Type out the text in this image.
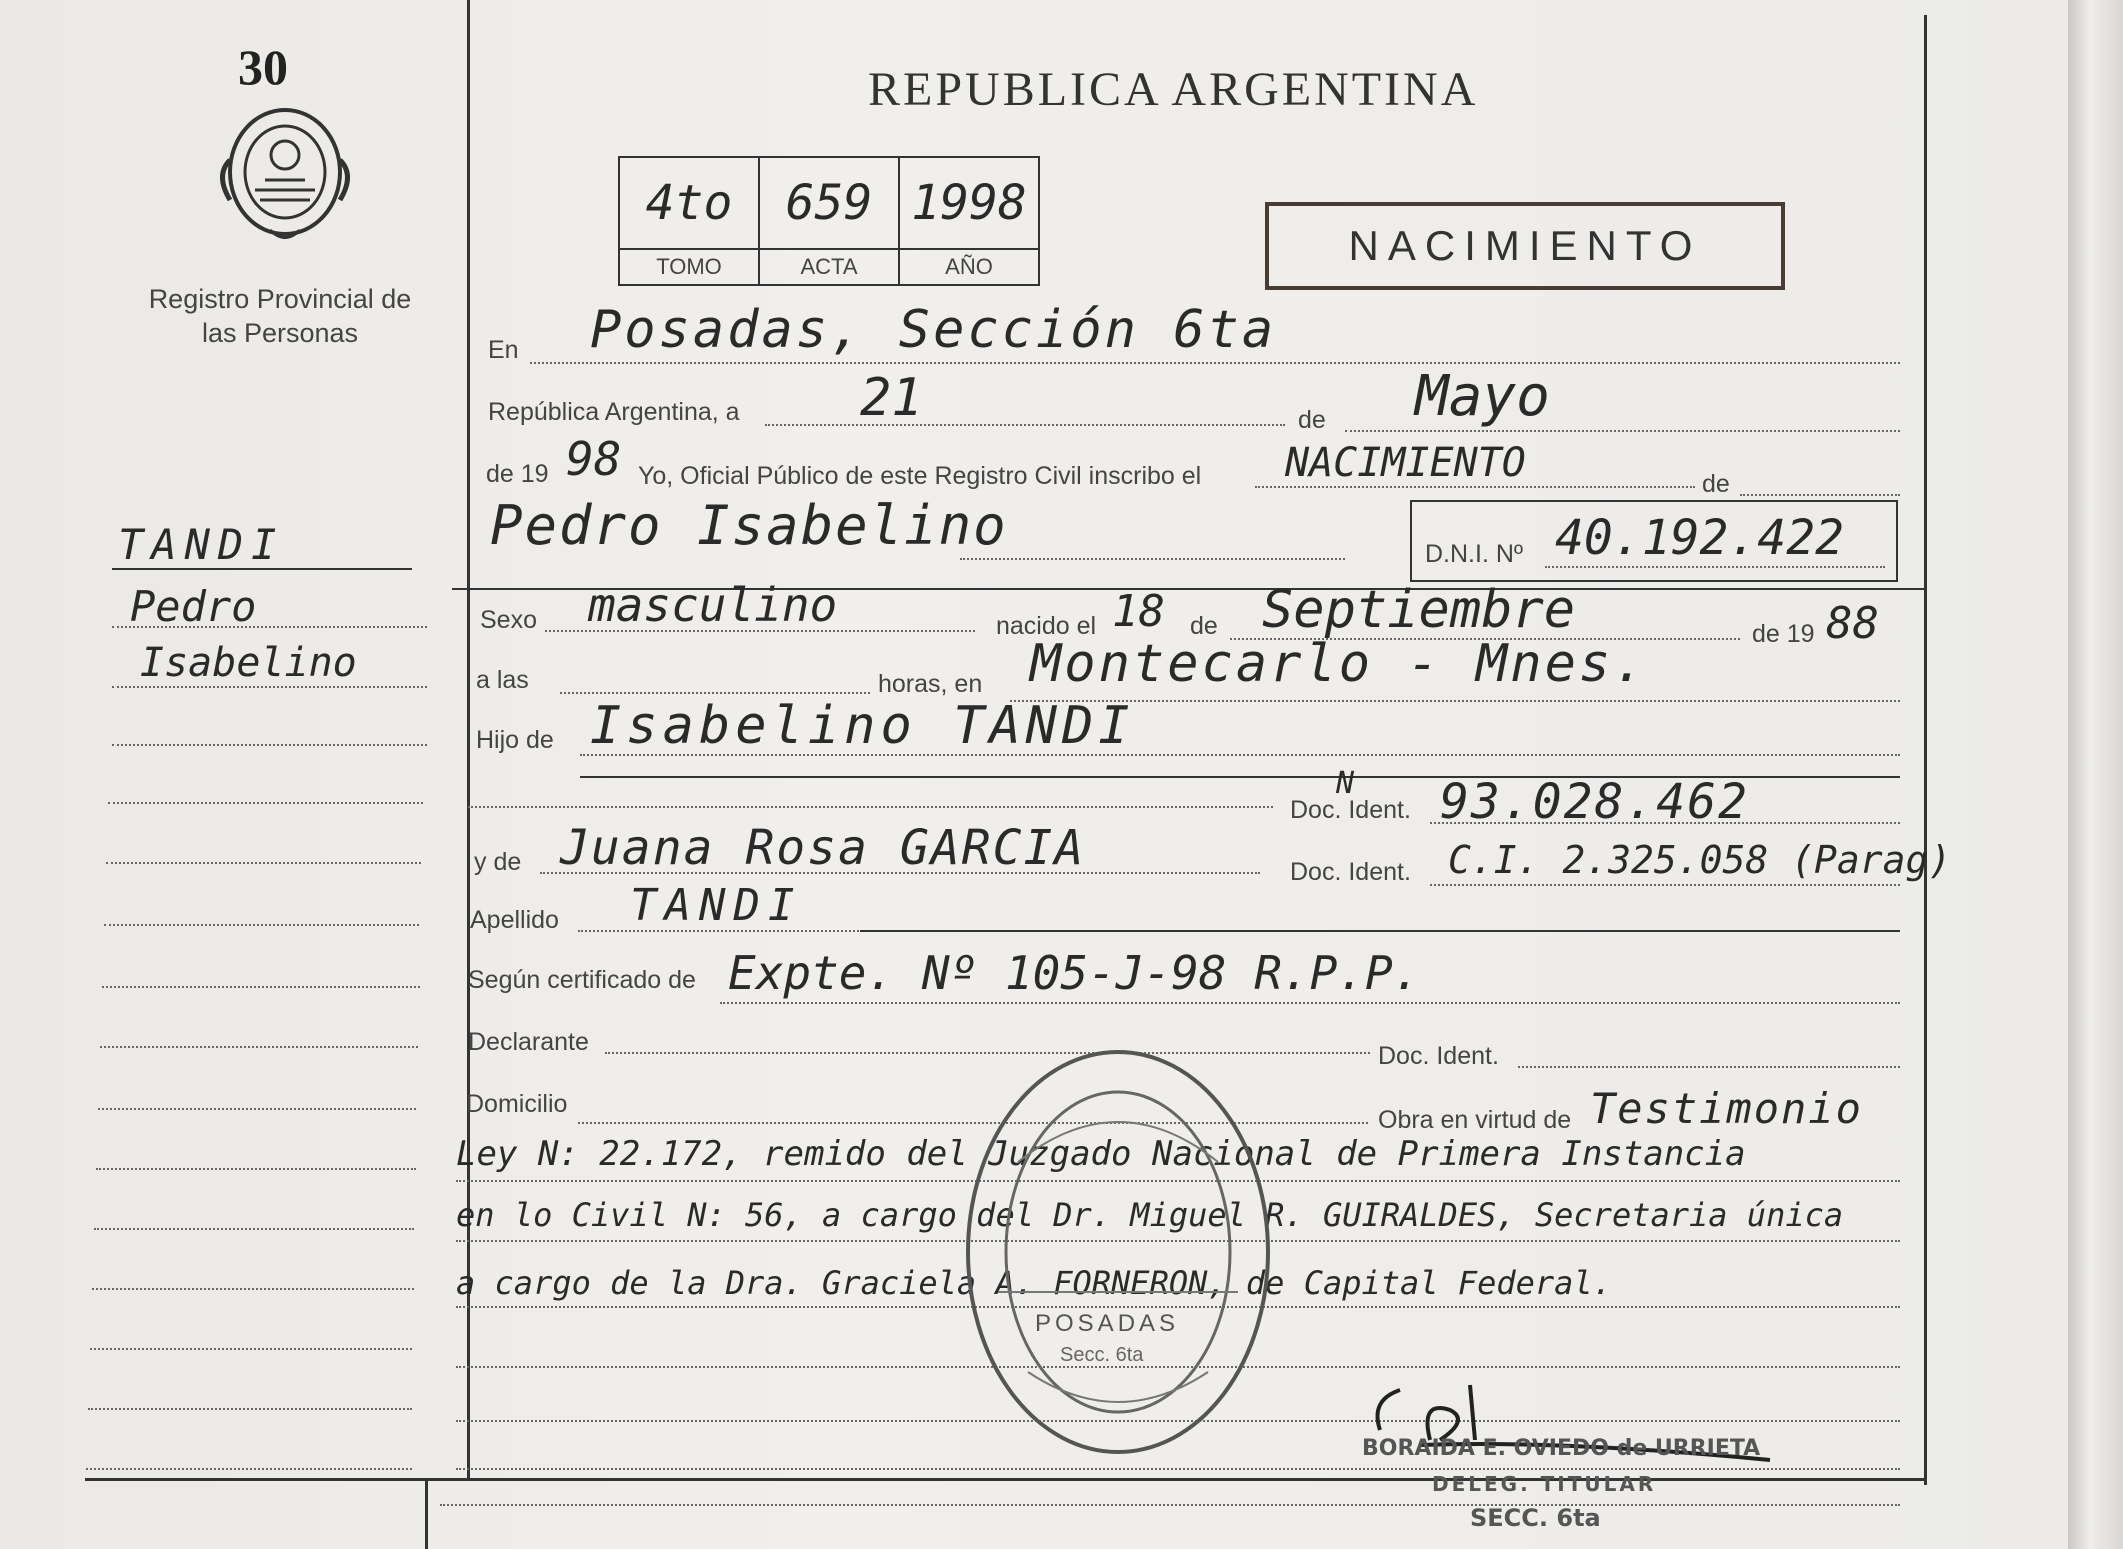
30
Registro Provincial de las Personas
REPUBLICA ARGENTINA
NACIMIENTO
4to	659	1998
TOMO	ACTA	AÑO
TANDI
Pedro
Isabelino
En Posadas, Sección 6ta
República Argentina, a 21	de Mayo
de 19 98 Yo, Oficial Público de este Registro Civil inscribo el NACIMIENTO	de
Pedro Isabelino	D.N.I. Nº 40.192.422
Sexo masculino	nacido el 18 de Septiembre	de 19 88
a las	horas, en Montecarlo - Mnes.
Hijo de Isabelino TANDI
N
Doc. Ident. 93.028.462
y de Juana Rosa GARCIA	Doc. Ident. C.I. 2.325.058 (Parag)
Apellido TANDI
Según certificado de Expte. Nº 105-J-98 R.P.P.
Declarante	Doc. Ident.
Domicilio
Obra en virtud de Testimonio
Ley N: 22.172, remido del Juzgado Nacional de Primera Instancia
en lo Civil N: 56, a cargo del Dr. Miguel R. GUIRALDES, Secretaria única
a cargo de la Dra. Graciela A. FORNERON, de Capital Federal.
POSADAS
Secc. 6ta
BORAIDA E. OVIEDO de URRIETA
DELEG. TITULAR
SECC. 6ta
